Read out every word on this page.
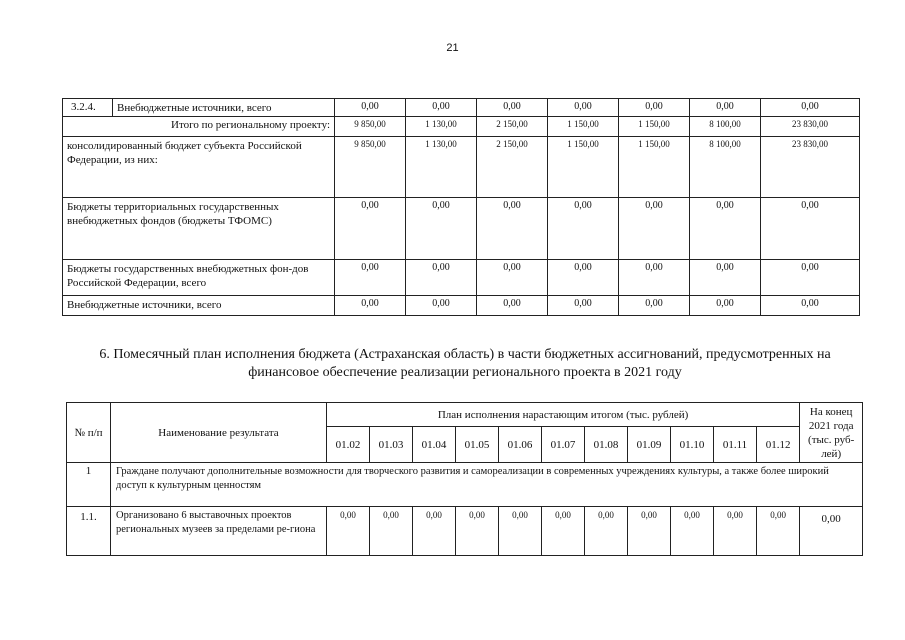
21
3.2.4.	Внебюджетные источники, всего	0,00	0,00	0,00	0,00	0,00	0,00	0,00
Итого по региональному проекту:		9 850,00	1 130,00	2 150,00	1 150,00	1 150,00	8 100,00	23 830,00
консолидированный бюджет субъекта Российской Федерации, из них:		9 850,00	1 130,00	2 150,00	1 150,00	1 150,00	8 100,00	23 830,00
Бюджеты территориальных государственных внебюджетных фондов (бюджеты ТФОМС)		0,00	0,00	0,00	0,00	0,00	0,00	0,00
Бюджеты государственных внебюджетных фон-дов Российской Федерации, всего		0,00	0,00	0,00	0,00	0,00	0,00	0,00
Внебюджетные источники, всего		0,00	0,00	0,00	0,00	0,00	0,00	0,00
6. Помесячный план исполнения бюджета (Астраханская область) в части бюджетных ассигнований, предусмотренных на финансовое обеспечение реализации регионального проекта в 2021 году
№ п/п	Наименование результата	План исполнения нарастающим итогом (тыс. рублей)											На конец 2021 года (тыс. руб-лей)
		01.02	01.03	01.04	01.05	01.06	01.07	01.08	01.09	01.10	01.11	01.12	
1	Граждане получают дополнительные возможности для творческого развития и самореализации в современных учреждениях культуры, а также более широкий доступ к культурным ценностям												
1.1.	Организовано 6 выставочных проектов региональных музеев за пределами ре-гиона	0,00	0,00	0,00	0,00	0,00	0,00	0,00	0,00	0,00	0,00	0,00	0,00
